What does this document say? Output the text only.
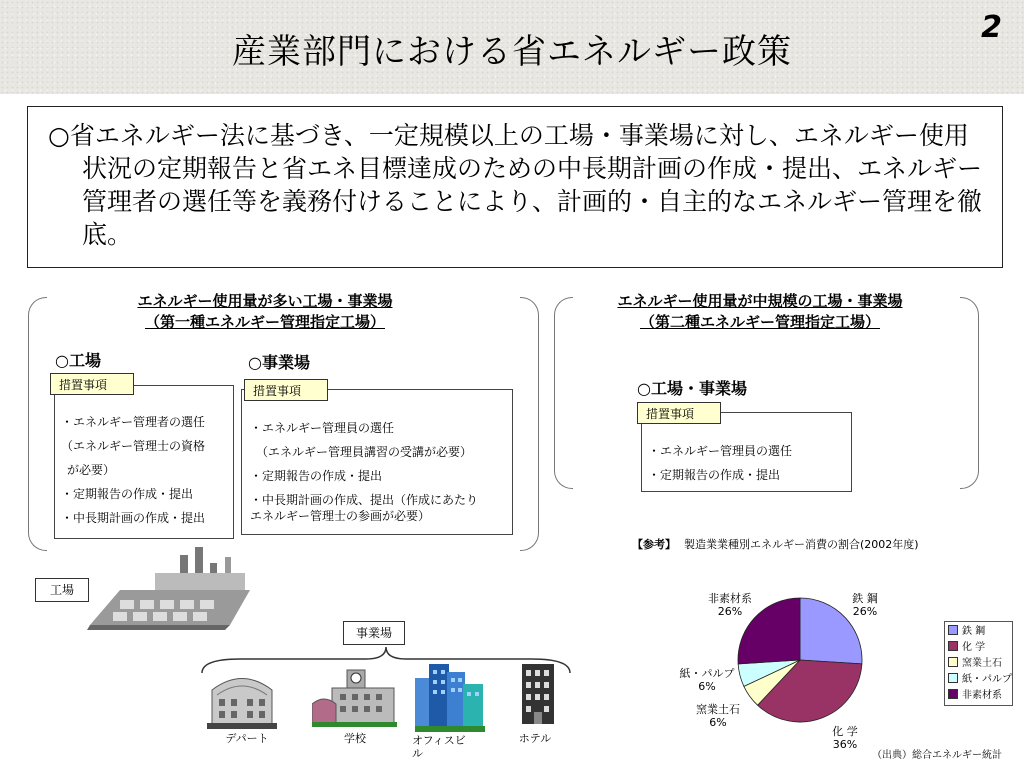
産業部門における省エネルギー政策
2
○省エネルギー法に基づき、一定規模以上の工場・事業場に対し、エネルギー使用状況の定期報告と省エネ目標達成のための中長期計画の作成・提出、エネルギー管理者の選任等を義務付けることにより、計画的・自主的なエネルギー管理を徹底。
エネルギー使用量が多い工場・事業場
（第一種エネルギー管理指定工場）
○工場
・エネルギー管理者の選任
（エネルギー管理士の資格
が必要）
・定期報告の作成・提出
・中長期計画の作成・提出
措置事項
○事業場
・エネルギー管理員の選任
（エネルギー管理員講習の受講が必要）
・定期報告の作成・提出
・中長期計画の作成、提出（作成にあたり
エネルギー管理士の参画が必要）
措置事項
エネルギー使用量が中規模の工場・事業場
（第二種エネルギー管理指定工場）
○工場・事業場
・エネルギー管理員の選任
・定期報告の作成・提出
措置事項
工場
事業場
デパート	学校	オフィスビル
ホテル
【参考】 製造業業種別エネルギー消費の割合(2002年度)
鉄 鋼
26%
化 学
36%
窯業土石
6%
紙・パルプ
6%
非素材系
26%
鉄 鋼
化 学
窯業土石
紙・パルプ
非素材系
（出典）総合エネルギー統計
